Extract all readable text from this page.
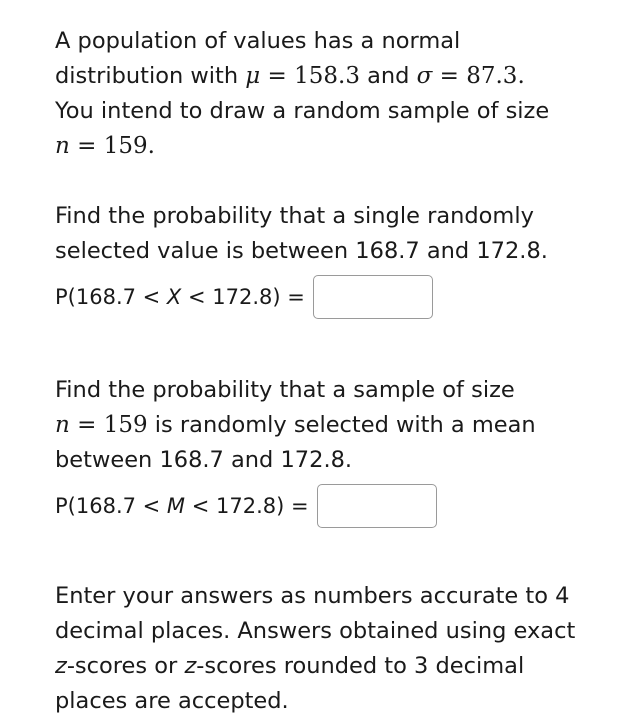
A population of values has a normal
distribution with μ = 158.3 and σ = 87.3.
You intend to draw a random sample of size
n = 159.

Find the probability that a single randomly
selected value is between 168.7 and 172.8.

P(168.7 < X < 172.8) =

Find the probability that a sample of size
n = 159 is randomly selected with a mean
between 168.7 and 172.8.

P(168.7 < M < 172.8) =

Enter your answers as numbers accurate to 4
decimal places. Answers obtained using exact
z-scores or z-scores rounded to 3 decimal
places are accepted.
